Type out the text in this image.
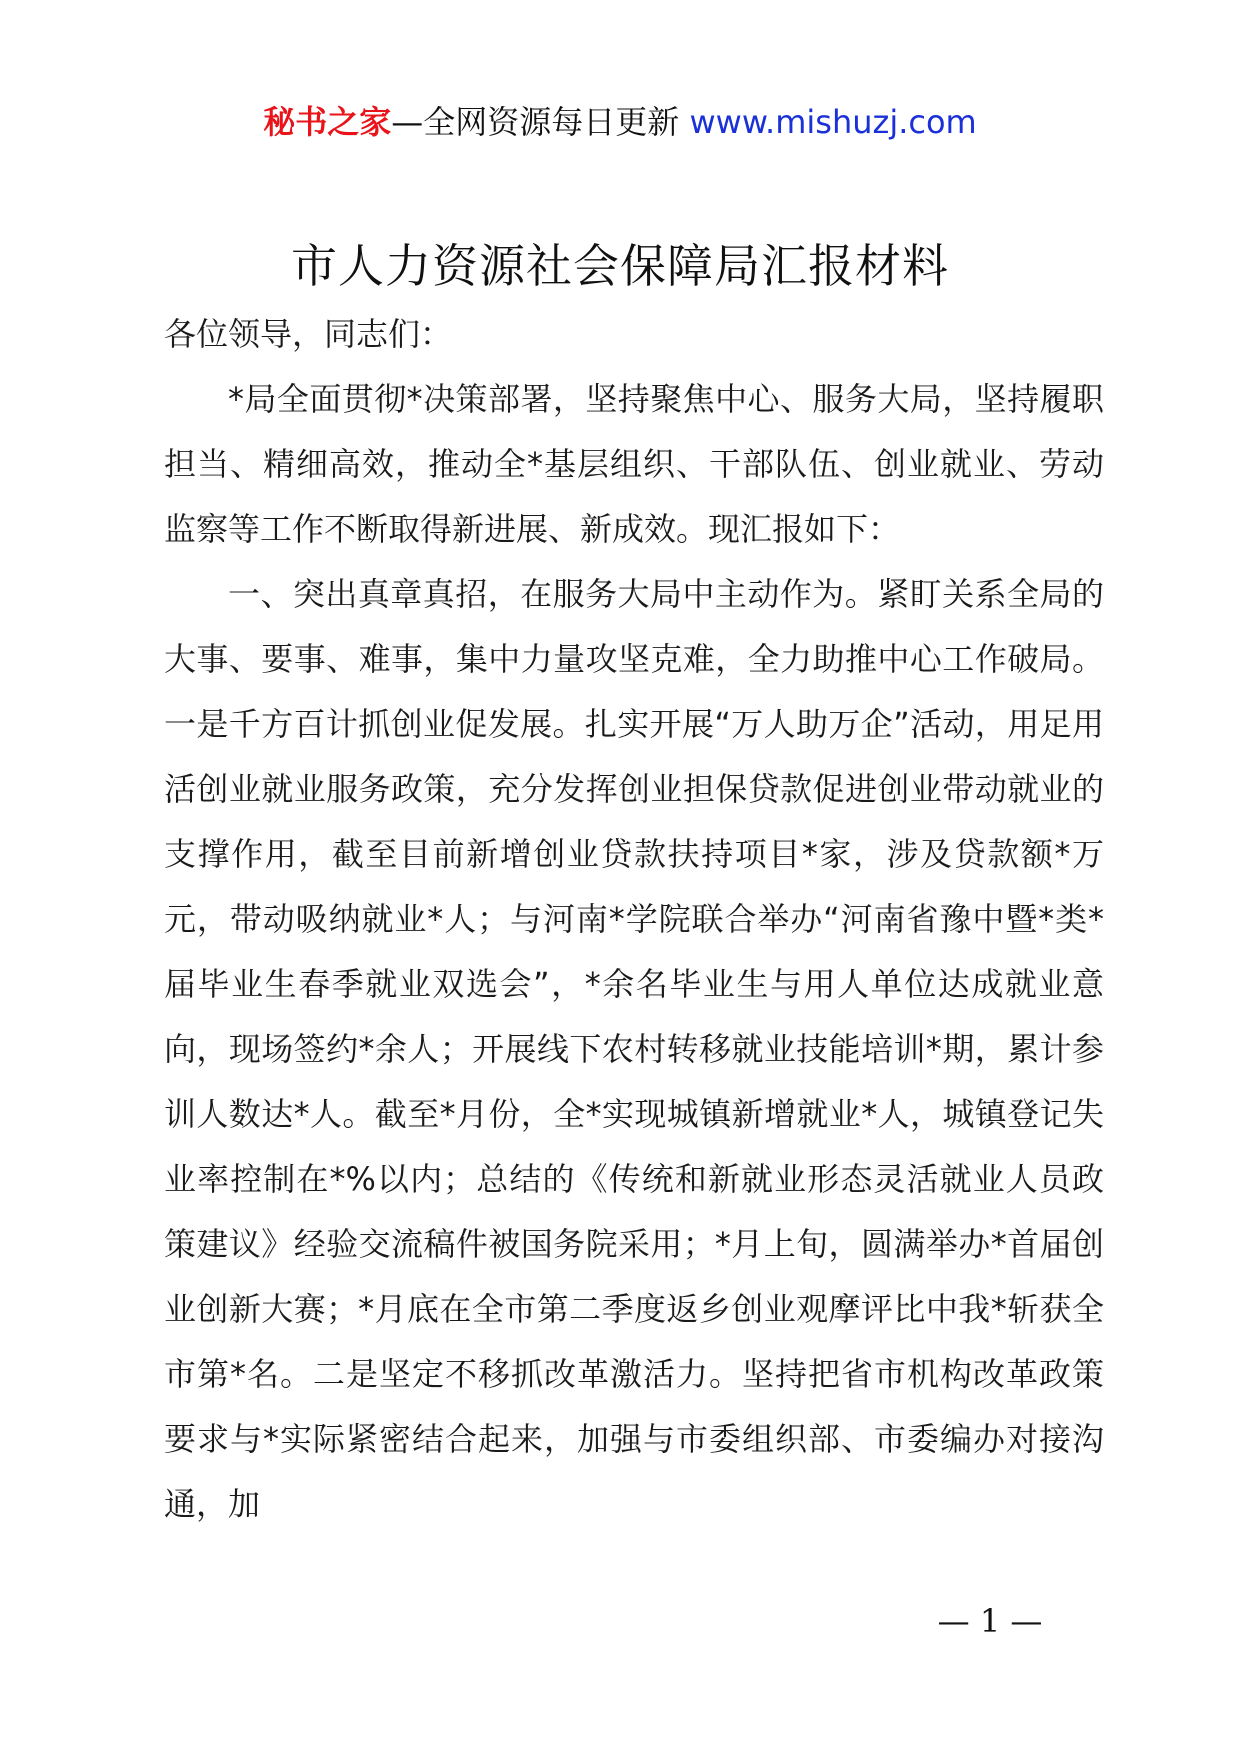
秘书之家—全网资源每日更新 www.mishuzj.com
市人力资源社会保障局汇报材料

各位领导，同志们：

*局全面贯彻*决策部署，坚持聚焦中心、服务大局，坚持履职担当、精细高效，推动全*基层组织、干部队伍、创业就业、劳动监察等工作不断取得新进展、新成效。现汇报如下：

一、突出真章真招，在服务大局中主动作为。紧盯关系全局的大事、要事、难事，集中力量攻坚克难，全力助推中心工作破局。一是千方百计抓创业促发展。扎实开展“万人助万企”活动，用足用活创业就业服务政策，充分发挥创业担保贷款促进创业带动就业的支撑作用，截至目前新增创业贷款扶持项目*家，涉及贷款额*万元，带动吸纳就业*人；与河南*学院联合举办“河南省豫中暨*类*届毕业生春季就业双选会”，*余名毕业生与用人单位达成就业意向，现场签约*余人；开展线下农村转移就业技能培训*期，累计参训人数达*人。截至*月份，全*实现城镇新增就业*人，城镇登记失业率控制在*%以内；总结的《传统和新就业形态灵活就业人员政策建议》经验交流稿件被国务院采用；*月上旬，圆满举办*首届创业创新大赛；*月底在全市第二季度返乡创业观摩评比中我*斩获全市第*名。二是坚定不移抓改革激活力。坚持把省市机构改革政策要求与*实际紧密结合起来，加强与市委组织部、市委编办对接沟通，加

— 1 —
